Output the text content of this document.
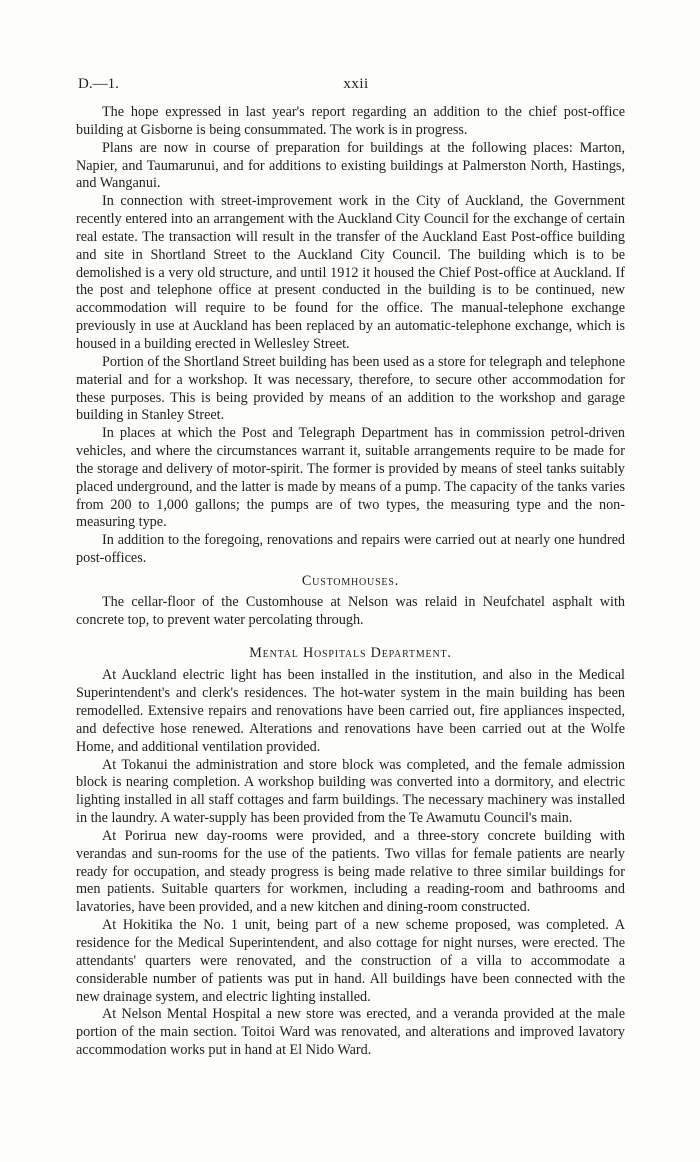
D.—1.	xxii

The hope expressed in last year's report regarding an addition to the chief post-office building at Gisborne is being consummated. The work is in progress.

Plans are now in course of preparation for buildings at the following places: Marton, Napier, and Taumarunui, and for additions to existing buildings at Palmerston North, Hastings, and Wanganui.

In connection with street-improvement work in the City of Auckland, the Government recently entered into an arrangement with the Auckland City Council for the exchange of certain real estate. The transaction will result in the transfer of the Auckland East Post-office building and site in Shortland Street to the Auckland City Council. The building which is to be demolished is a very old structure, and until 1912 it housed the Chief Post-office at Auckland. If the post and telephone office at present conducted in the building is to be continued, new accommodation will require to be found for the office. The manual-telephone exchange previously in use at Auckland has been replaced by an automatic-telephone exchange, which is housed in a building erected in Wellesley Street.

Portion of the Shortland Street building has been used as a store for telegraph and telephone material and for a workshop. It was necessary, therefore, to secure other accommodation for these purposes. This is being provided by means of an addition to the workshop and garage building in Stanley Street.

In places at which the Post and Telegraph Department has in commission petrol-driven vehicles, and where the circumstances warrant it, suitable arrangements require to be made for the storage and delivery of motor-spirit. The former is provided by means of steel tanks suitably placed underground, and the latter is made by means of a pump. The capacity of the tanks varies from 200 to 1,000 gallons; the pumps are of two types, the measuring type and the non-measuring type.

In addition to the foregoing, renovations and repairs were carried out at nearly one hundred post-offices.

Customhouses.

The cellar-floor of the Customhouse at Nelson was relaid in Neufchatel asphalt with concrete top, to prevent water percolating through.

Mental Hospitals Department.

At Auckland electric light has been installed in the institution, and also in the Medical Superintendent's and clerk's residences. The hot-water system in the main building has been remodelled. Extensive repairs and renovations have been carried out, fire appliances inspected, and defective hose renewed. Alterations and renovations have been carried out at the Wolfe Home, and additional ventilation provided.

At Tokanui the administration and store block was completed, and the female admission block is nearing completion. A workshop building was converted into a dormitory, and electric lighting installed in all staff cottages and farm buildings. The necessary machinery was installed in the laundry. A water-supply has been provided from the Te Awamutu Council's main.

At Porirua new day-rooms were provided, and a three-story concrete building with verandas and sun-rooms for the use of the patients. Two villas for female patients are nearly ready for occupation, and steady progress is being made relative to three similar buildings for men patients. Suitable quarters for workmen, including a reading-room and bathrooms and lavatories, have been provided, and a new kitchen and dining-room constructed.

At Hokitika the No. 1 unit, being part of a new scheme proposed, was completed. A residence for the Medical Superintendent, and also cottage for night nurses, were erected. The attendants' quarters were renovated, and the construction of a villa to accommodate a considerable number of patients was put in hand. All buildings have been connected with the new drainage system, and electric lighting installed.

At Nelson Mental Hospital a new store was erected, and a veranda provided at the male portion of the main section. Toitoi Ward was renovated, and alterations and improved lavatory accommodation works put in hand at El Nido Ward.
